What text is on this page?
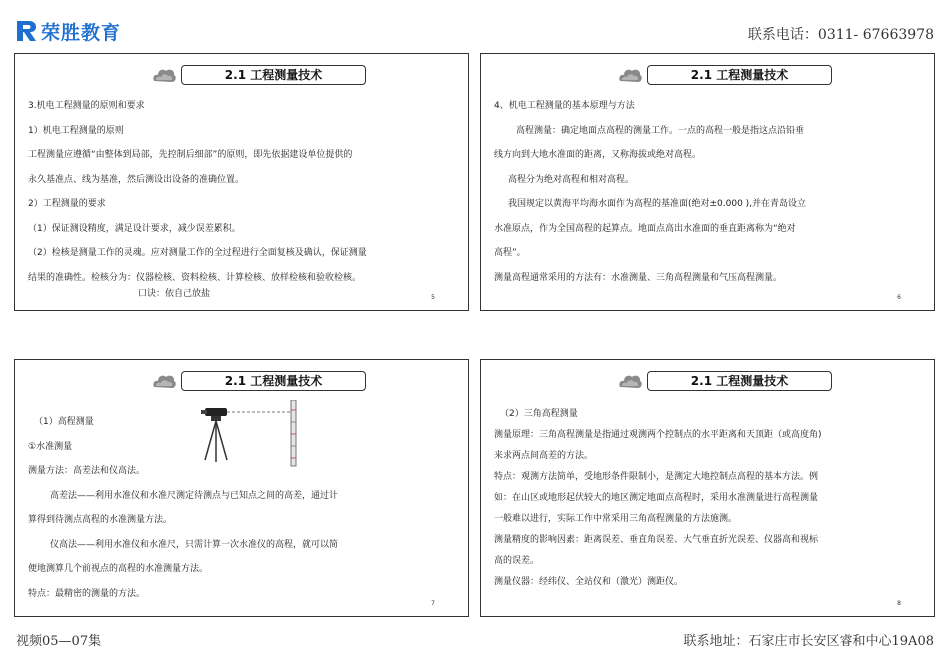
荣胜教育	联系电话：0311- 67663978
2.1 工程测量技术
3.机电工程测量的原则和要求
1）机电工程测量的原则
工程测量应遵循“由整体到局部，先控制后细部”的原则，即先依据建设单位提供的
永久基准点、线为基准，然后测设出设备的准确位置。
2）工程测量的要求
（1）保证测设精度，满足设计要求，减少误差累积。
（2）检核是测量工作的灵魂。应对测量工作的全过程进行全面复核及确认，保证测量
结果的准确性。检核分为：仪器检核、资料检核、计算检核、放样检核和验收检核。
口诀：依自己放盐	5
2.1 工程测量技术
4、机电工程测量的基本原理与方法
高程测量：确定地面点高程的测量工作。一点的高程一般是指这点沿铅垂
线方向到大地水准面的距离，又称海拔或绝对高程。
高程分为绝对高程和相对高程。
我国规定以黄海平均海水面作为高程的基准面(绝对±0.000 ),并在青岛设立
水准原点，作为全国高程的起算点。地面点高出水准面的垂直距离称为“绝对
高程”。
测量高程通常采用的方法有：水准测量、三角高程测量和气压高程测量。
6
2.1 工程测量技术
（1）高程测量
①水准测量
测量方法：高差法和仪高法。
高差法——利用水准仪和水准尺测定待测点与已知点之间的高差，通过计
算得到待测点高程的水准测量方法。
仪高法——利用水准仪和水准尺，只需计算一次水准仪的高程，就可以简
便地测算几个前视点的高程的水准测量方法。
特点：最精密的测量的方法。
7
2.1 工程测量技术
（2）三角高程测量
测量原理：三角高程测量是指通过观测两个控制点的水平距离和天顶距（或高度角)
来求两点间高差的方法。
特点：观测方法简单，受地形条件限制小，是测定大地控制点高程的基本方法。例
如：在山区或地形起伏较大的地区测定地面点高程时，采用水准测量进行高程测量
一般难以进行，实际工作中常采用三角高程测量的方法施测。
测量精度的影响因素：距离误差、垂直角误差、大气垂直折光误差、仪器高和视标
高的误差。
测量仪器：经纬仪、全站仪和（激光）测距仪。
8
视频05—07集	联系地址：石家庄市长安区睿和中心19A08
